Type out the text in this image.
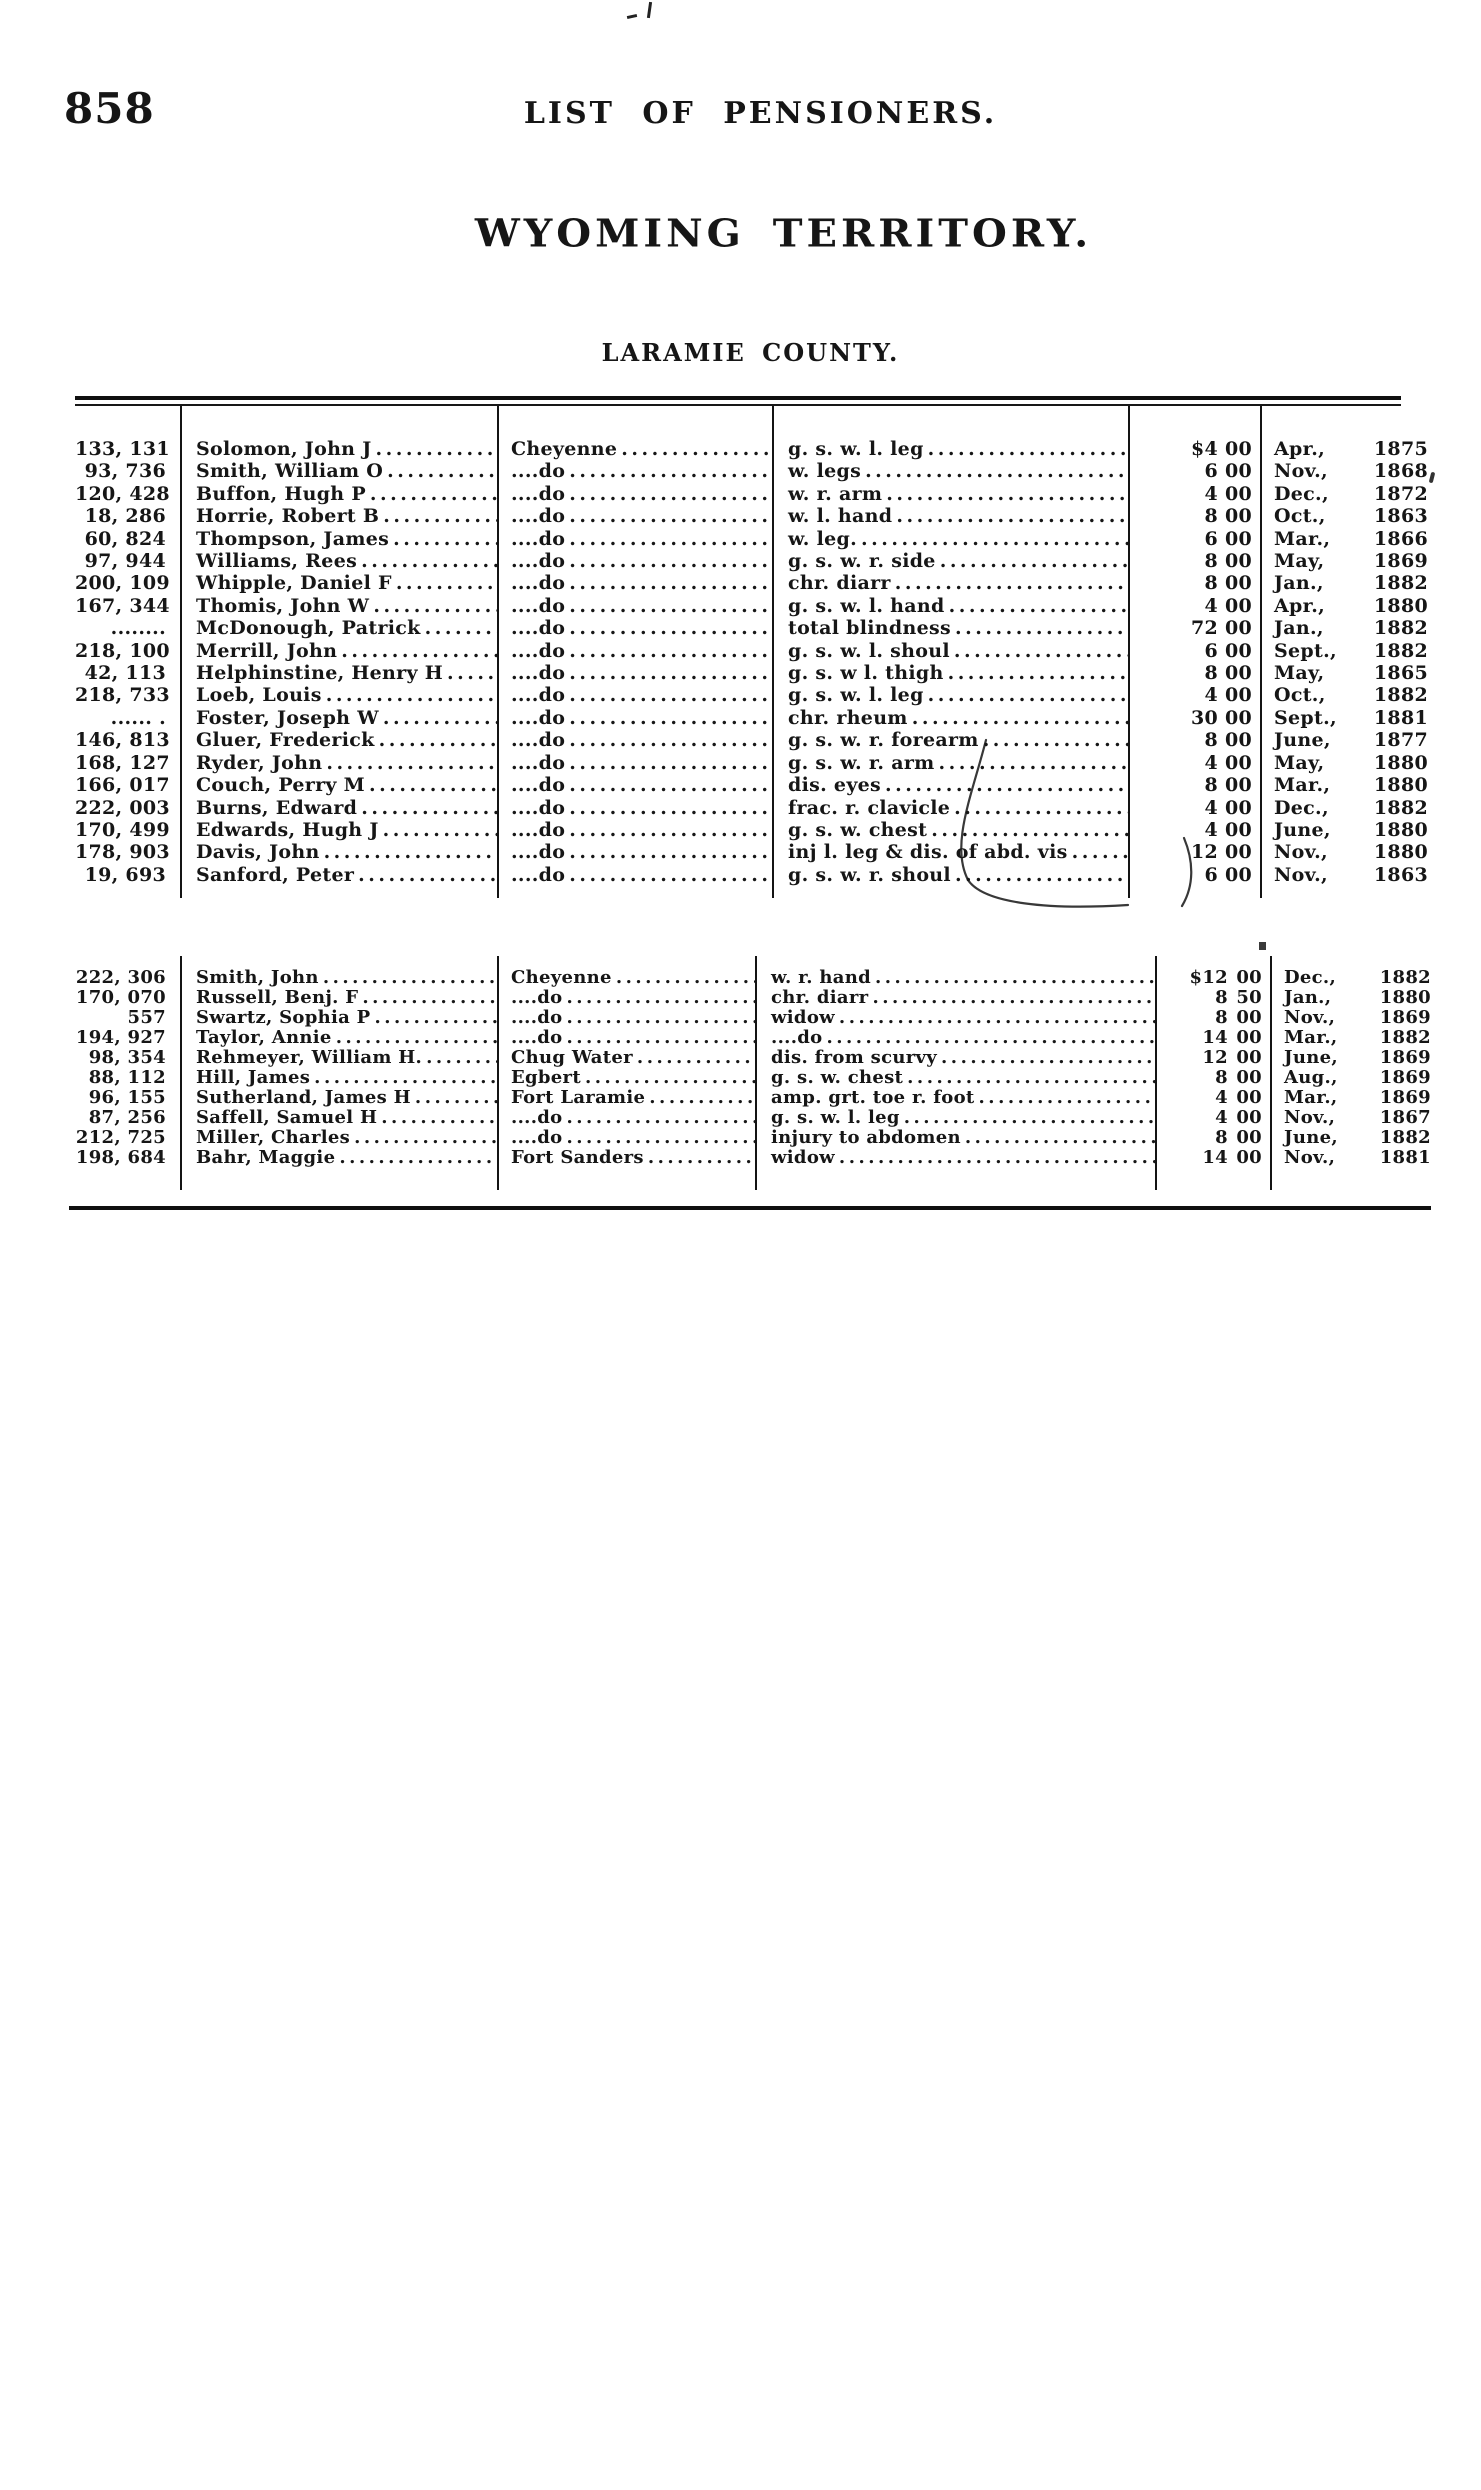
858	LIST OF PENSIONERS.
WYOMING TERRITORY.
LARAMIE COUNTY.
133, 131	Solomon, John J .....	Cheyenne .....	g. s. w. l. leg .....	$4 00	Apr.,	1875
93, 736	Smith, William O .....	....do .....	w. legs .....	6 00	Nov., 1868
120, 428	Buffon, Hugh P .....	....do .....	w. r. arm .....	4 00	Dec., 1872
18, 286	Horrie, Robert B .....	....do .....	w. l. hand .....	8 00	Oct.,	1863
60, 824	Thompson, James .....	....do .....	w. leg. .....	6 00	Mar., 1866
97, 944	Williams, Rees .....	....do .....	g. s. w. r. side .....	8 00	May,	1869
200, 109	Whipple, Daniel F .....	....do .....	chr. diarr .....	8 00	Jan.,	1882
167, 344	Thomis, John W .....	....do .....	g. s. w. l. hand .....	4 00	Apr.,	1880
........	McDonough, Patrick .....	....do .....	total blindness .....	72 00	Jan.,	1882
218, 100	Merrill, John .....	....do .....	g. s. w. l. shoul .....	6 00	Sept., 1882
42, 113	Helphinstine, Henry H .....	....do .....	g. s. w l. thigh .....	8 00	May,	1865
218, 733	Loeb, Louis .....	....do .....	g. s. w. l. leg .....	4 00	Oct.,	1882
...... .	Foster, Joseph W .....	....do .....	chr. rheum .....	30 00	Sept., 1881
146, 813	Gluer, Frederick .....	....do .....	g. s. w. r. forearm .....	8 00	June, 1877
168, 127	Ryder, John .....	....do .....	g. s. w. r. arm .....	4 00	May,	1880
166, 017	Couch, Perry M .....	....do .....	dis. eyes .....	8 00	Mar., 1880
222, 003	Burns, Edward .....	....do .....	frac. r. clavicle .....	4 00	Dec., 1882
170, 499	Edwards, Hugh J .....	....do .....	g. s. w. chest .....	4 00	June, 1880
178, 903	Davis, John .....	....do .....	inj l. leg & dis. of abd. vis .....	12 00	Nov., 1880
19, 693	Sanford, Peter .....	....do .....	g. s. w. r. shoul .....	6 00	Nov., 1863
222, 306	Smith, John .....	Cheyenne .....	w. r. hand .....	$12 00	Dec., 1882
170, 070	Russell, Benj. F .....	....do .....	chr. diarr .....	8 50	Jan.,	1880
557	Swartz, Sophia P .....	....do .....	widow .....	8 00	Nov., 1869
194, 927	Taylor, Annie .....	....do .....	....do .....	14 00	Mar., 1882
98, 354	Rehmeyer, William H. .....	Chug Water .....	dis. from scurvy .....	12 00	June, 1869
88, 112	Hill, James .....	Egbert .....	g. s. w. chest .....	8 00	Aug., 1869
96, 155	Sutherland, James H .....	Fort Laramie .....	amp. grt. toe r. foot .....	4 00	Mar., 1869
87, 256	Saffell, Samuel H .....	....do .....	g. s. w. l. leg .....	4 00	Nov., 1867
212, 725	Miller, Charles .....	....do .....	injury to abdomen .....	8 00	June, 1882
198, 684	Bahr, Maggie .....	Fort Sanders .....	widow .....	14 00	Nov., 1881
